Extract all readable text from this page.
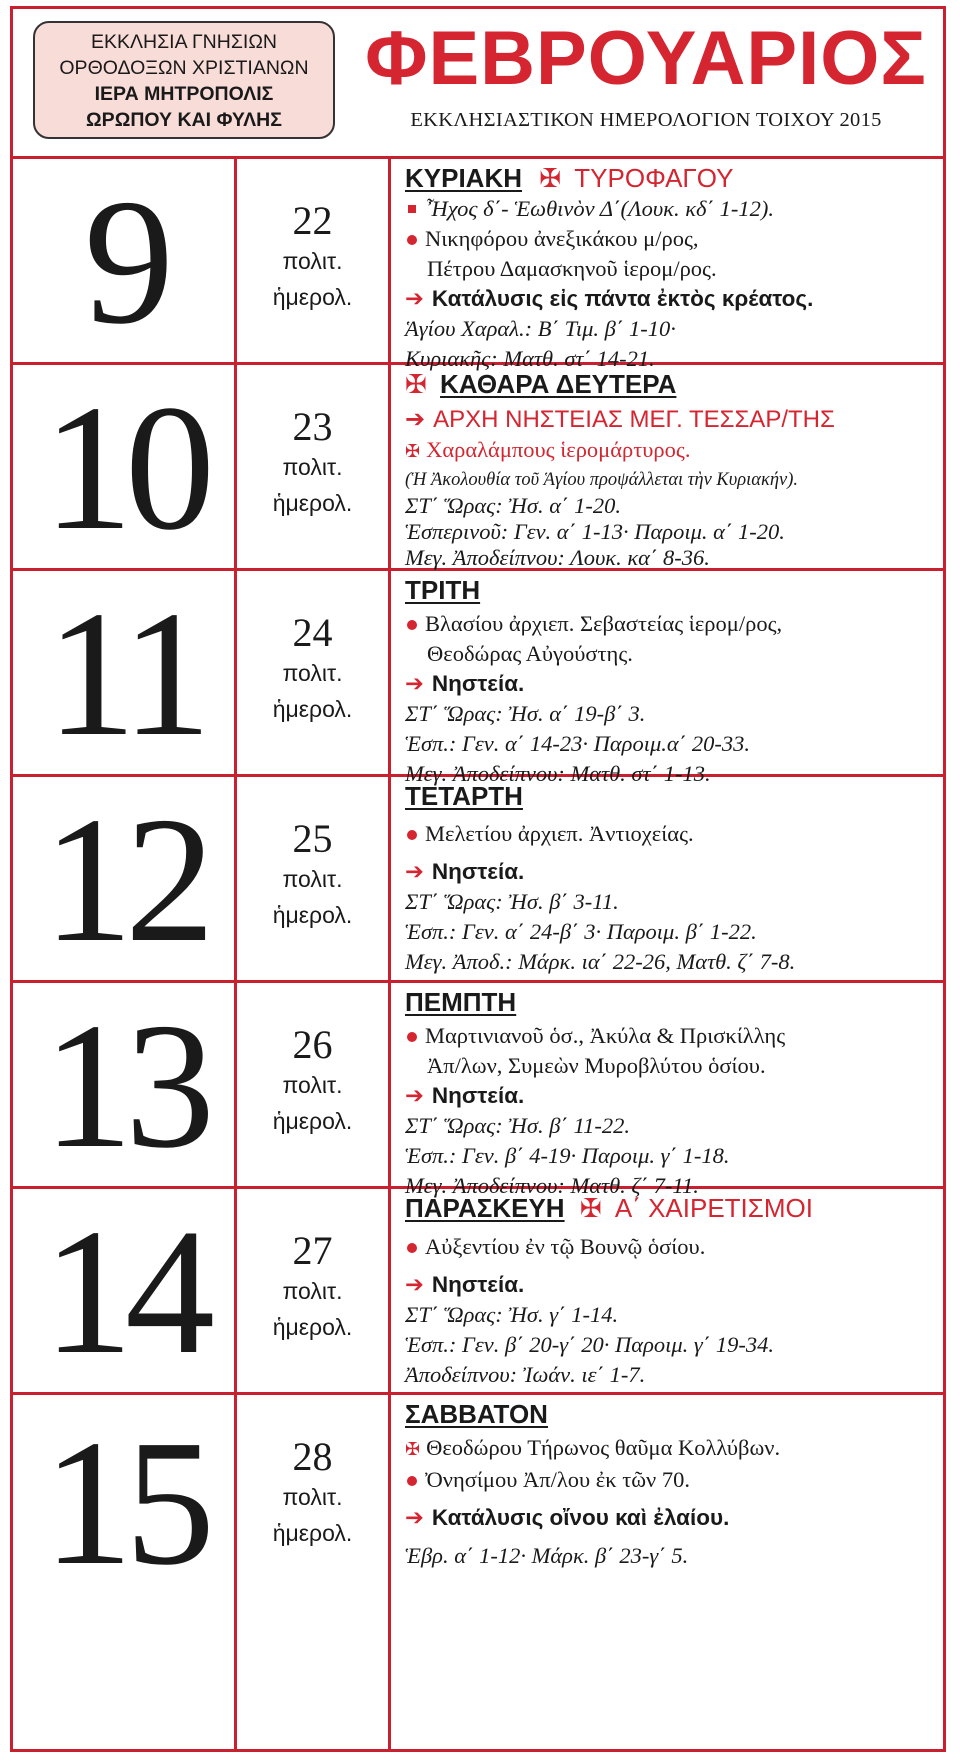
ΕΚΚΛΗΣΙΑ ΓΝΗΣΙΩΝ
ΟΡΘΟΔΟΞΩΝ ΧΡΙΣΤΙΑΝΩΝ
ΙΕΡΑ ΜΗΤΡΟΠΟΛΙΣ
ΩΡΩΠΟΥ ΚΑΙ ΦΥΛΗΣ
ΦΕΒΡΟΥΑΡΙΟΣ
ΕΚΚΛΗΣΙΑΣΤΙΚΟΝ ΗΜΕΡΟΛΟΓΙΟΝ ΤΟΙΧΟΥ 2015
9	22
πολιτ.
ἡμερολ.
ΚΥΡΙΑΚΗ ✠ ΤΥΡΟΦΑΓΟΥ
Ἦχος δ΄- Ἑωθινὸν Δ΄(Λουκ. κδ΄ 1-12).
Νικηφόρου ἀνεξικάκου μ/ρος,
Πέτρου Δαμασκηνοῦ ἱερομ/ρος.
➔ Κατάλυσις εἰς πάντα ἐκτὸς κρέατος.
Ἁγίου Χαραλ.: Β΄ Τιμ. β΄ 1-10·
Κυριακῆς: Ματθ. στ΄ 14-21.
10	23
πολιτ.
ἡμερολ.
✠ ΚΑΘΑΡΑ ΔΕΥΤΕΡΑ
➔ ΑΡΧΗ ΝΗΣΤΕΙΑΣ ΜΕΓ. ΤΕΣΣΑΡ/ΤΗΣ
✠ Χαραλάμπους ἱερομάρτυρος.
(Ἡ Ἀκολουθία τοῦ Ἁγίου προψάλλεται τὴν Κυριακήν).
ΣΤ΄ Ὥρας: Ἠσ. α΄ 1-20.
Ἑσπερινοῦ: Γεν. α΄ 1-13· Παροιμ. α΄ 1-20.
Μεγ. Ἀποδείπνου: Λουκ. κα΄ 8-36.
11	24
πολιτ.
ἡμερολ.
ΤΡΙΤΗ
Βλασίου ἀρχιεπ. Σεβαστείας ἱερομ/ρος,
Θεοδώρας Αὐγούστης.
➔ Νηστεία.
ΣΤ΄ Ὥρας: Ἠσ. α΄ 19-β΄ 3.
Ἑσπ.: Γεν. α΄ 14-23· Παροιμ.α΄ 20-33.
Μεγ. Ἀποδείπνου: Ματθ. στ΄ 1-13.
12	25
πολιτ.
ἡμερολ.
ΤΕΤΑΡΤΗ
Μελετίου ἀρχιεπ. Ἀντιοχείας.
➔ Νηστεία.
ΣΤ΄ Ὥρας: Ἠσ. β΄ 3-11.
Ἑσπ.: Γεν. α΄ 24-β΄ 3· Παροιμ. β΄ 1-22.
Μεγ. Ἀποδ.: Μάρκ. ια΄ 22-26, Ματθ. ζ΄ 7-8.
13	26
πολιτ.
ἡμερολ.
ΠΕΜΠΤΗ
Μαρτινιανοῦ ὁσ., Ἀκύλα & Πρισκίλλης
Ἀπ/λων, Συμεὼν Μυροβλύτου ὁσίου.
➔ Νηστεία.
ΣΤ΄ Ὥρας: Ἠσ. β΄ 11-22.
Ἑσπ.: Γεν. β΄ 4-19· Παροιμ. γ΄ 1-18.
Μεγ. Ἀποδείπνου: Ματθ. ζ΄ 7-11.
14	27
πολιτ.
ἡμερολ.
ΠΑΡΑΣΚΕΥΗ ✠ Α΄ ΧΑΙΡΕΤΙΣΜΟΙ
Αὐξεντίου ἐν τῷ Βουνῷ ὁσίου.
➔ Νηστεία.
ΣΤ΄ Ὥρας: Ἠσ. γ΄ 1-14.
Ἑσπ.: Γεν. β΄ 20-γ΄ 20· Παροιμ. γ΄ 19-34.
Ἀποδείπνου: Ἰωάν. ιε΄ 1-7.
15	28
πολιτ.
ἡμερολ.
ΣΑΒΒΑΤΟΝ
✠ Θεοδώρου Τήρωνος θαῦμα Κολλύβων.
Ὀνησίμου Ἀπ/λου ἐκ τῶν 70.
➔ Κατάλυσις οἴνου καὶ ἐλαίου.
Ἑβρ. α΄ 1-12· Μάρκ. β΄ 23-γ΄ 5.
